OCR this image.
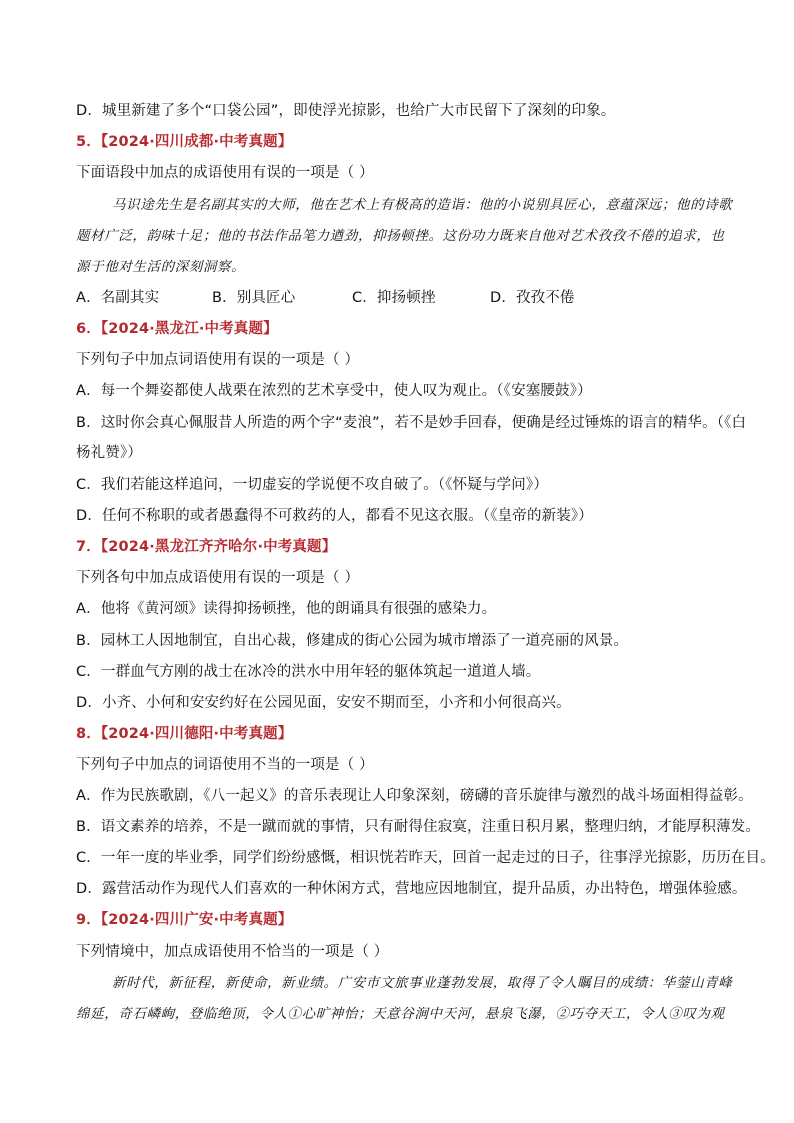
D．城里新建了多个“口袋公园”，即使浮光掠影，也给广大市民留下了深刻的印象。
5．【2024·四川成都·中考真题】
下面语段中加点的成语使用有误的一项是（ ）
马识途先生是名副其实的大师，他在艺术上有极高的造诣：他的小说别具匠心，意蕴深远；他的诗歌
题材广泛，韵味十足；他的书法作品笔力遒劲，抑扬顿挫。这份功力既来自他对艺术孜孜不倦的追求，也
源于他对生活的深刻洞察。
A．名副其实	B．别具匠心	C．抑扬顿挫	D．孜孜不倦
6．【2024·黑龙江·中考真题】
下列句子中加点词语使用有误的一项是（ ）
A．每一个舞姿都使人战栗在浓烈的艺术享受中，使人叹为观止。（《安塞腰鼓》）
B．这时你会真心佩服昔人所造的两个字“麦浪”，若不是妙手回春，便确是经过锤炼的语言的精华。（《白
杨礼赞》）
C．我们若能这样追问，一切虚妄的学说便不攻自破了。（《怀疑与学问》）
D．任何不称职的或者愚蠢得不可救药的人，都看不见这衣服。（《皇帝的新装》）
7．【2024·黑龙江齐齐哈尔·中考真题】
下列各句中加点成语使用有误的一项是（ ）
A．他将《黄河颂》读得抑扬顿挫，他的朗诵具有很强的感染力。
B．园林工人因地制宜，自出心裁，修建成的街心公园为城市增添了一道亮丽的风景。
C．一群血气方刚的战士在冰冷的洪水中用年轻的躯体筑起一道道人墙。
D．小齐、小何和安安约好在公园见面，安安不期而至，小齐和小何很高兴。
8．【2024·四川德阳·中考真题】
下列句子中加点的词语使用不当的一项是（ ）
A．作为民族歌剧，《八一起义》的音乐表现让人印象深刻，磅礴的音乐旋律与激烈的战斗场面相得益彰。
B．语文素养的培养，不是一蹴而就的事情，只有耐得住寂寞，注重日积月累，整理归纳，才能厚积薄发。
C．一年一度的毕业季，同学们纷纷感慨，相识恍若昨天，回首一起走过的日子，往事浮光掠影，历历在目。
D．露营活动作为现代人们喜欢的一种休闲方式，营地应因地制宜，提升品质，办出特色，增强体验感。
9．【2024·四川广安·中考真题】
下列情境中，加点成语使用不恰当的一项是（ ）
新时代，新征程，新使命，新业绩。广安市文旅事业蓬勃发展，取得了令人瞩目的成绩：华蓥山青峰
绵延，奇石嶙峋，登临绝顶，令人①心旷神怡；天意谷涧中天河，悬泉飞瀑，②巧夺天工，令人③叹为观
